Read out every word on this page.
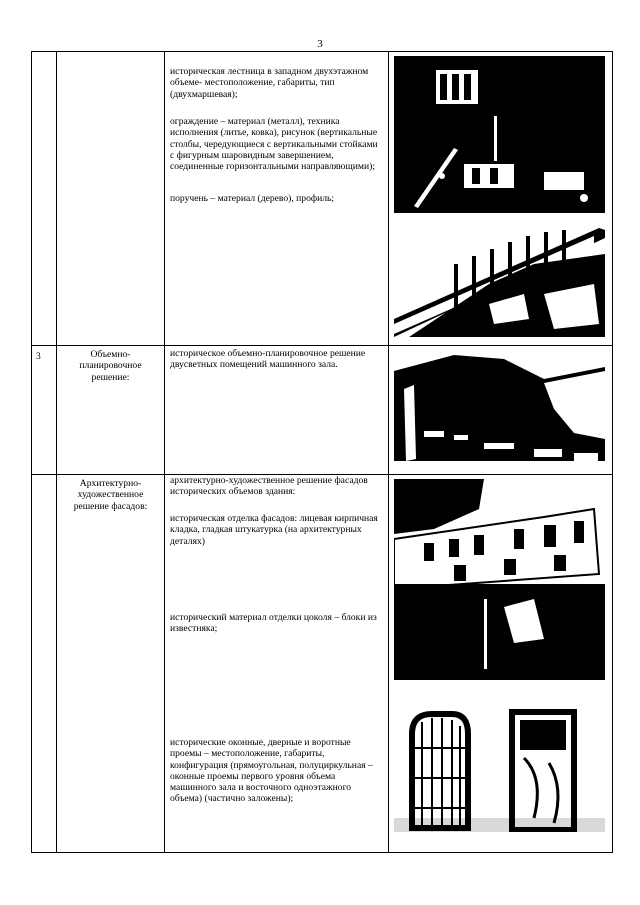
3

		историческая лестница в западном двухэтажном объеме- местоположение, габариты, тип (двухмаршевая);

ограждение – материал (металл), техника исполнения (литье, ковка), рисунок (вертикальные столбы, чередующиеся с вертикальными стойками с фигурным шаровидным завершением, соединенные горизонтальными направляющими);

поручень – материал (дерево), профиль;

3	Объемно-планировочное решение:	историческое объемно-планировочное решение двусветных помещений машинного зала.

	Архитектурно-художественное решение фасадов:	архитектурно-художественное решение фасадов исторических объемов здания:

историческая отделка фасадов: лицевая кирпичная кладка, гладкая штукатурка (на архитектурных деталях)

исторический материал отделки цоколя – блоки из известняка;

исторические оконные, дверные и воротные проемы – местоположение, габариты, конфигурация (прямоугольная, полуциркульная – оконные проемы первого уровня объема машинного зала и восточного одноэтажного объема) (частично заложены);
